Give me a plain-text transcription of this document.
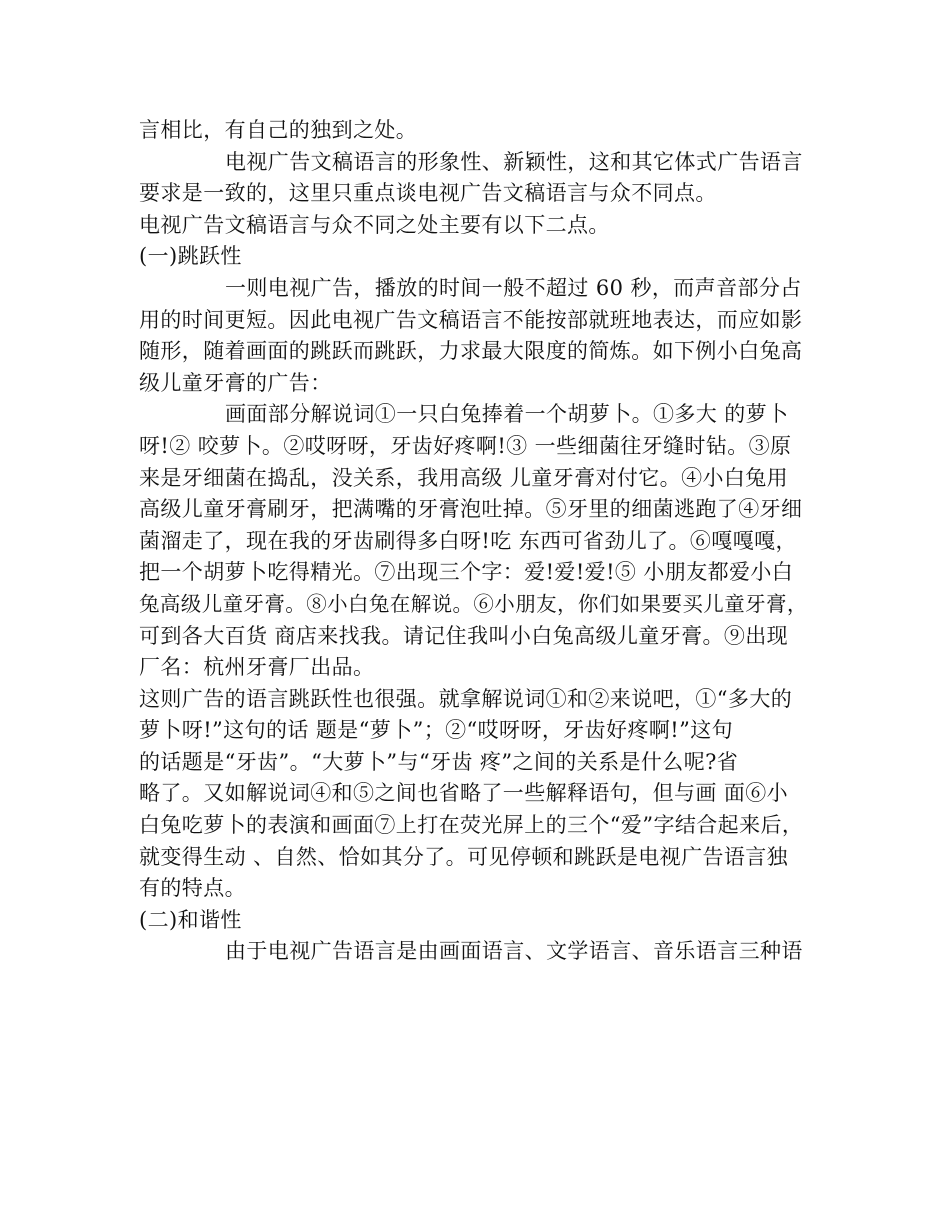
言相比，有自己的独到之处。
电视广告文稿语言的形象性、新颖性，这和其它体式广告语言
要求是一致的，这里只重点谈电视广告文稿语言与众不同点。
电视广告文稿语言与众不同之处主要有以下二点。
(一)跳跃性
一则电视广告，播放的时间一般不超过 60 秒，而声音部分占
用的时间更短。因此电视广告文稿语言不能按部就班地表达，而应如影
随形，随着画面的跳跃而跳跃，力求最大限度的简炼。如下例小白兔高
级儿童牙膏的广告：
画面部分解说词①一只白兔捧着一个胡萝卜。①多大 的萝卜
呀!② 咬萝卜。②哎呀呀，牙齿好疼啊!③ 一些细菌往牙缝时钻。③原
来是牙细菌在捣乱，没关系，我用高级 儿童牙膏对付它。④小白兔用
高级儿童牙膏刷牙，把满嘴的牙膏泡吐掉。⑤牙里的细菌逃跑了④牙细
菌溜走了，现在我的牙齿刷得多白呀!吃 东西可省劲儿了。⑥嘎嘎嘎，
把一个胡萝卜吃得精光。⑦出现三个字：爱!爱!爱!⑤ 小朋友都爱小白
兔高级儿童牙膏。⑧小白兔在解说。⑥小朋友，你们如果要买儿童牙膏，
可到各大百货 商店来找我。请记住我叫小白兔高级儿童牙膏。⑨出现
厂名：杭州牙膏厂出品。
这则广告的语言跳跃性也很强。就拿解说词①和②来说吧，①“多大的
萝卜呀!”这句的话 题是“萝卜”；②“哎呀呀，牙齿好疼啊!”这句
的话题是“牙齿”。“大萝卜”与“牙齿 疼”之间的关系是什么呢?省
略了。又如解说词④和⑤之间也省略了一些解释语句，但与画 面⑥小
白兔吃萝卜的表演和画面⑦上打在荧光屏上的三个“爱”字结合起来后，
就变得生动 、自然、恰如其分了。可见停顿和跳跃是电视广告语言独
有的特点。
(二)和谐性
由于电视广告语言是由画面语言、文学语言、音乐语言三种语
